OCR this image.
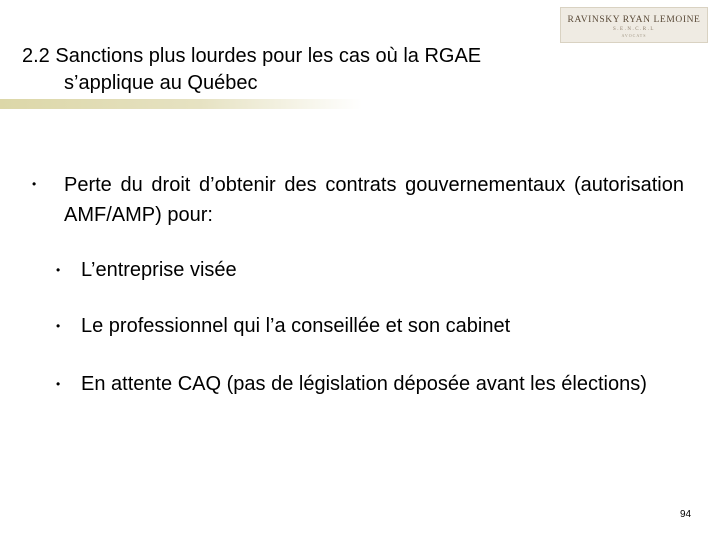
RAVINSKY RYAN LEMOINE
S.E.N.C.R.L
AVOCATS
2.2 Sanctions plus lourdes pour les cas où la RGAE
s’applique au Québec
• Perte du droit d’obtenir des contrats gouvernementaux (autorisation AMF/AMP) pour:
• L’entreprise visée
• Le professionnel qui l’a conseillée et son cabinet
• En attente CAQ (pas de législation déposée avant les élections)
94
